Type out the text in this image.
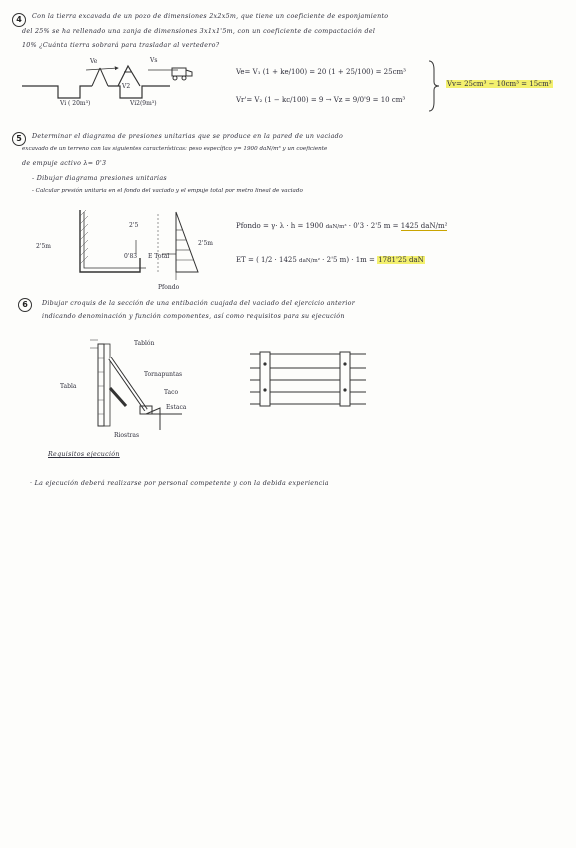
4	Con la tierra excavada de un pozo de dimensiones 2x2x5m, que tiene un coeficiente de esponjamiento
del 25% se ha rellenado una zanja de dimensiones 3x1x1'5m, con un coeficiente de compactación del
10% ¿Cuánta tierra sobrará para trasladar al vertedero?
Ve	Vs
V2
Vi ( 20m³)	Vi2(9m³)
Ve= V₁ (1 + ke/100) = 20 (1 + 25/100) = 25cm³
Vr'= V₂ (1 − kc/100) = 9 → Vz = 9/0'9 = 10 cm³
Vv= 25cm³ − 10cm³ = 15cm³
5	Determinar el diagrama de presiones unitarias que se produce en la pared de un vaciado
excavado de un terreno con las siguientes características: peso específico γ= 1900 daN/m³ y un coeficiente
de empuje activo λ= 0'3
- Dibujar diagrama presiones unitarias
- Calcular presión unitaria en el fondo del vaciado y el empuje total por metro lineal de vaciado
2'5m
2'5
0'83 E Total
2'5m
Pfondo
Pfondo = γ· λ · h = 1900 daN/m³ · 0'3 · 2'5 m = 1425 daN/m²
ET = ( 1/2 · 1425 daN/m² · 2'5 m) · 1m = 1781'25 daN
6	Dibujar croquis de la sección de una entibación cuajada del vaciado del ejercicio anterior
indicando denominación y función componentes, así como requisitos para su ejecución
Tablón
Tornapuntas
Taco
Estaca
Tabla
Riostras
Requisitos ejecución
· La ejecución deberá realizarse por personal competente y con la debida experiencia
